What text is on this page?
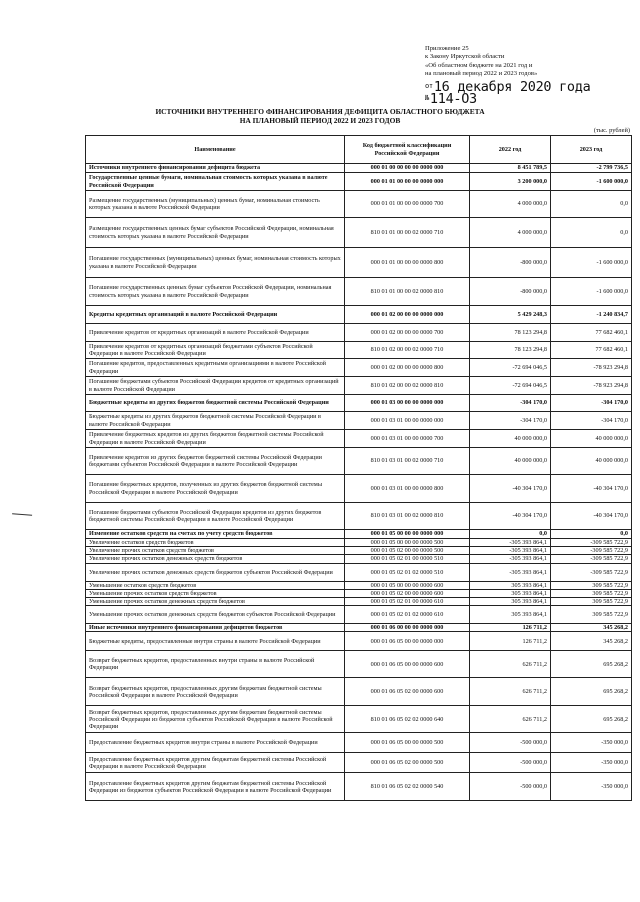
Приложение 25
к Закону Иркутской области
«Об областном бюджете на 2021 год и
на плановый период 2022 и 2023 годов»
$^{от}$16 декабря 2020 года
№114-ОЗ
ИСТОЧНИКИ ВНУТРЕННЕГО ФИНАНСИРОВАНИЯ ДЕФИЦИТА ОБЛАСТНОГО БЮДЖЕТА
НА ПЛАНОВЫЙ ПЕРИОД 2022 И 2023 ГОДОВ
(тыс. рублей)
Наименование	Код бюджетной классификации Российской Федерации	2022 год	2023 год
Источники внутреннего финансирования дефицита бюджета	000 01 00 00 00 00 0000 000	8 451 789,5	-2 799 736,5
Государственные ценные бумаги, номинальная стоимость которых указана в валюте Российской Федерации	000 01 01 00 00 00 0000 000	3 200 000,0	-1 600 000,0
Размещение государственных (муниципальных) ценных бумаг, номинальная стоимость которых указана в валюте Российской Федерации	000 01 01 00 00 00 0000 700	4 000 000,0	0,0
Размещение государственных ценных бумаг субъектов Российской Федерации, номинальная стоимость которых указана в валюте Российской Федерации	810 01 01 00 00 02 0000 710	4 000 000,0	0,0
Погашение государственных (муниципальных) ценных бумаг, номинальная стоимость которых указана в валюте Российской Федерации	000 01 01 00 00 00 0000 800	-800 000,0	-1 600 000,0
Погашение государственных ценных бумаг субъектов Российской Федерации, номинальная стоимость которых указана в валюте Российской Федерации	810 01 01 00 00 02 0000 810	-800 000,0	-1 600 000,0
Кредиты кредитных организаций в валюте Российской Федерации	000 01 02 00 00 00 0000 000	5 429 248,3	-1 240 834,7
Привлечение кредитов от кредитных организаций в валюте Российской Федерации	000 01 02 00 00 00 0000 700	78 123 294,8	77 682 460,1
Привлечение кредитов от кредитных организаций бюджетами субъектов Российской Федерации в валюте Российской Федерации	810 01 02 00 00 02 0000 710	78 123 294,8	77 682 460,1
Погашение кредитов, предоставленных кредитными организациями в валюте Российской Федерации	000 01 02 00 00 00 0000 800	-72 694 046,5	-78 923 294,8
Погашение бюджетами субъектов Российской Федерации кредитов от кредитных организаций в валюте Российской Федерации	810 01 02 00 00 02 0000 810	-72 694 046,5	-78 923 294,8
Бюджетные кредиты из других бюджетов бюджетной системы Российской Федерации	000 01 03 00 00 00 0000 000	-304 170,0	-304 170,0
Бюджетные кредиты из других бюджетов бюджетной системы Российской Федерации в валюте Российской Федерации	000 01 03 01 00 00 0000 000	-304 170,0	-304 170,0
Привлечение бюджетных кредитов из других бюджетов бюджетной системы Российской Федерации в валюте Российской Федерации	000 01 03 01 00 00 0000 700	40 000 000,0	40 000 000,0
Привлечение кредитов из других бюджетов бюджетной системы Российской Федерации бюджетами субъектов Российской Федерации в валюте Российской Федерации	810 01 03 01 00 02 0000 710	40 000 000,0	40 000 000,0
Погашение бюджетных кредитов, полученных из других бюджетов бюджетной системы Российской Федерации в валюте Российской Федерации	000 01 03 01 00 00 0000 800	-40 304 170,0	-40 304 170,0
Погашение бюджетами субъектов Российской Федерации кредитов из других бюджетов бюджетной системы Российской Федерации в валюте Российской Федерации	810 01 03 01 00 02 0000 810	-40 304 170,0	-40 304 170,0
Изменение остатков средств на счетах по учету средств бюджетов	000 01 05 00 00 00 0000 000	0,0	0,0
Увеличение остатков средств бюджетов	000 01 05 00 00 00 0000 500	-305 393 864,1	-309 585 722,9
Увеличение прочих остатков средств бюджетов	000 01 05 02 00 00 0000 500	-305 393 864,1	-309 585 722,9
Увеличение прочих остатков денежных средств бюджетов	000 01 05 02 01 00 0000 510	-305 393 864,1	-309 585 722,9
Увеличение прочих остатков денежных средств бюджетов субъектов Российской Федерации	000 01 05 02 01 02 0000 510	-305 393 864,1	-309 585 722,9
Уменьшение остатков средств бюджетов	000 01 05 00 00 00 0000 600	305 393 864,1	309 585 722,9
Уменьшение прочих остатков средств бюджетов	000 01 05 02 00 00 0000 600	305 393 864,1	309 585 722,9
Уменьшение прочих остатков денежных средств бюджетов	000 01 05 02 01 00 0000 610	305 393 864,1	309 585 722,9
Уменьшение прочих остатков денежных средств бюджетов субъектов Российской Федерации	000 01 05 02 01 02 0000 610	305 393 864,1	309 585 722,9
Иные источники внутреннего финансирования дефицитов бюджетов	000 01 06 00 00 00 0000 000	126 711,2	345 268,2
Бюджетные кредиты, предоставленные внутри страны в валюте Российской Федерации	000 01 06 05 00 00 0000 000	126 711,2	345 268,2
Возврат бюджетных кредитов, предоставленных внутри страны в валюте Российской Федерации	000 01 06 05 00 00 0000 600	626 711,2	695 268,2
Возврат бюджетных кредитов, предоставленных другим бюджетам бюджетной системы Российской Федерации в валюте Российской Федерации	000 01 06 05 02 00 0000 600	626 711,2	695 268,2
Возврат бюджетных кредитов, предоставленных другим бюджетам бюджетной системы Российской Федерации из бюджетов субъектов Российской Федерации в валюте Российской Федерации	810 01 06 05 02 02 0000 640	626 711,2	695 268,2
Предоставление бюджетных кредитов внутри страны в валюте Российской Федерации	000 01 06 05 00 00 0000 500	-500 000,0	-350 000,0
Предоставление бюджетных кредитов другим бюджетам бюджетной системы Российской Федерации в валюте Российской Федерации	000 01 06 05 02 00 0000 500	-500 000,0	-350 000,0
Предоставление бюджетных кредитов другим бюджетам бюджетной системы Российской Федерации из бюджетов субъектов Российской Федерации в валюте Российской Федерации	810 01 06 05 02 02 0000 540	-500 000,0	-350 000,0
